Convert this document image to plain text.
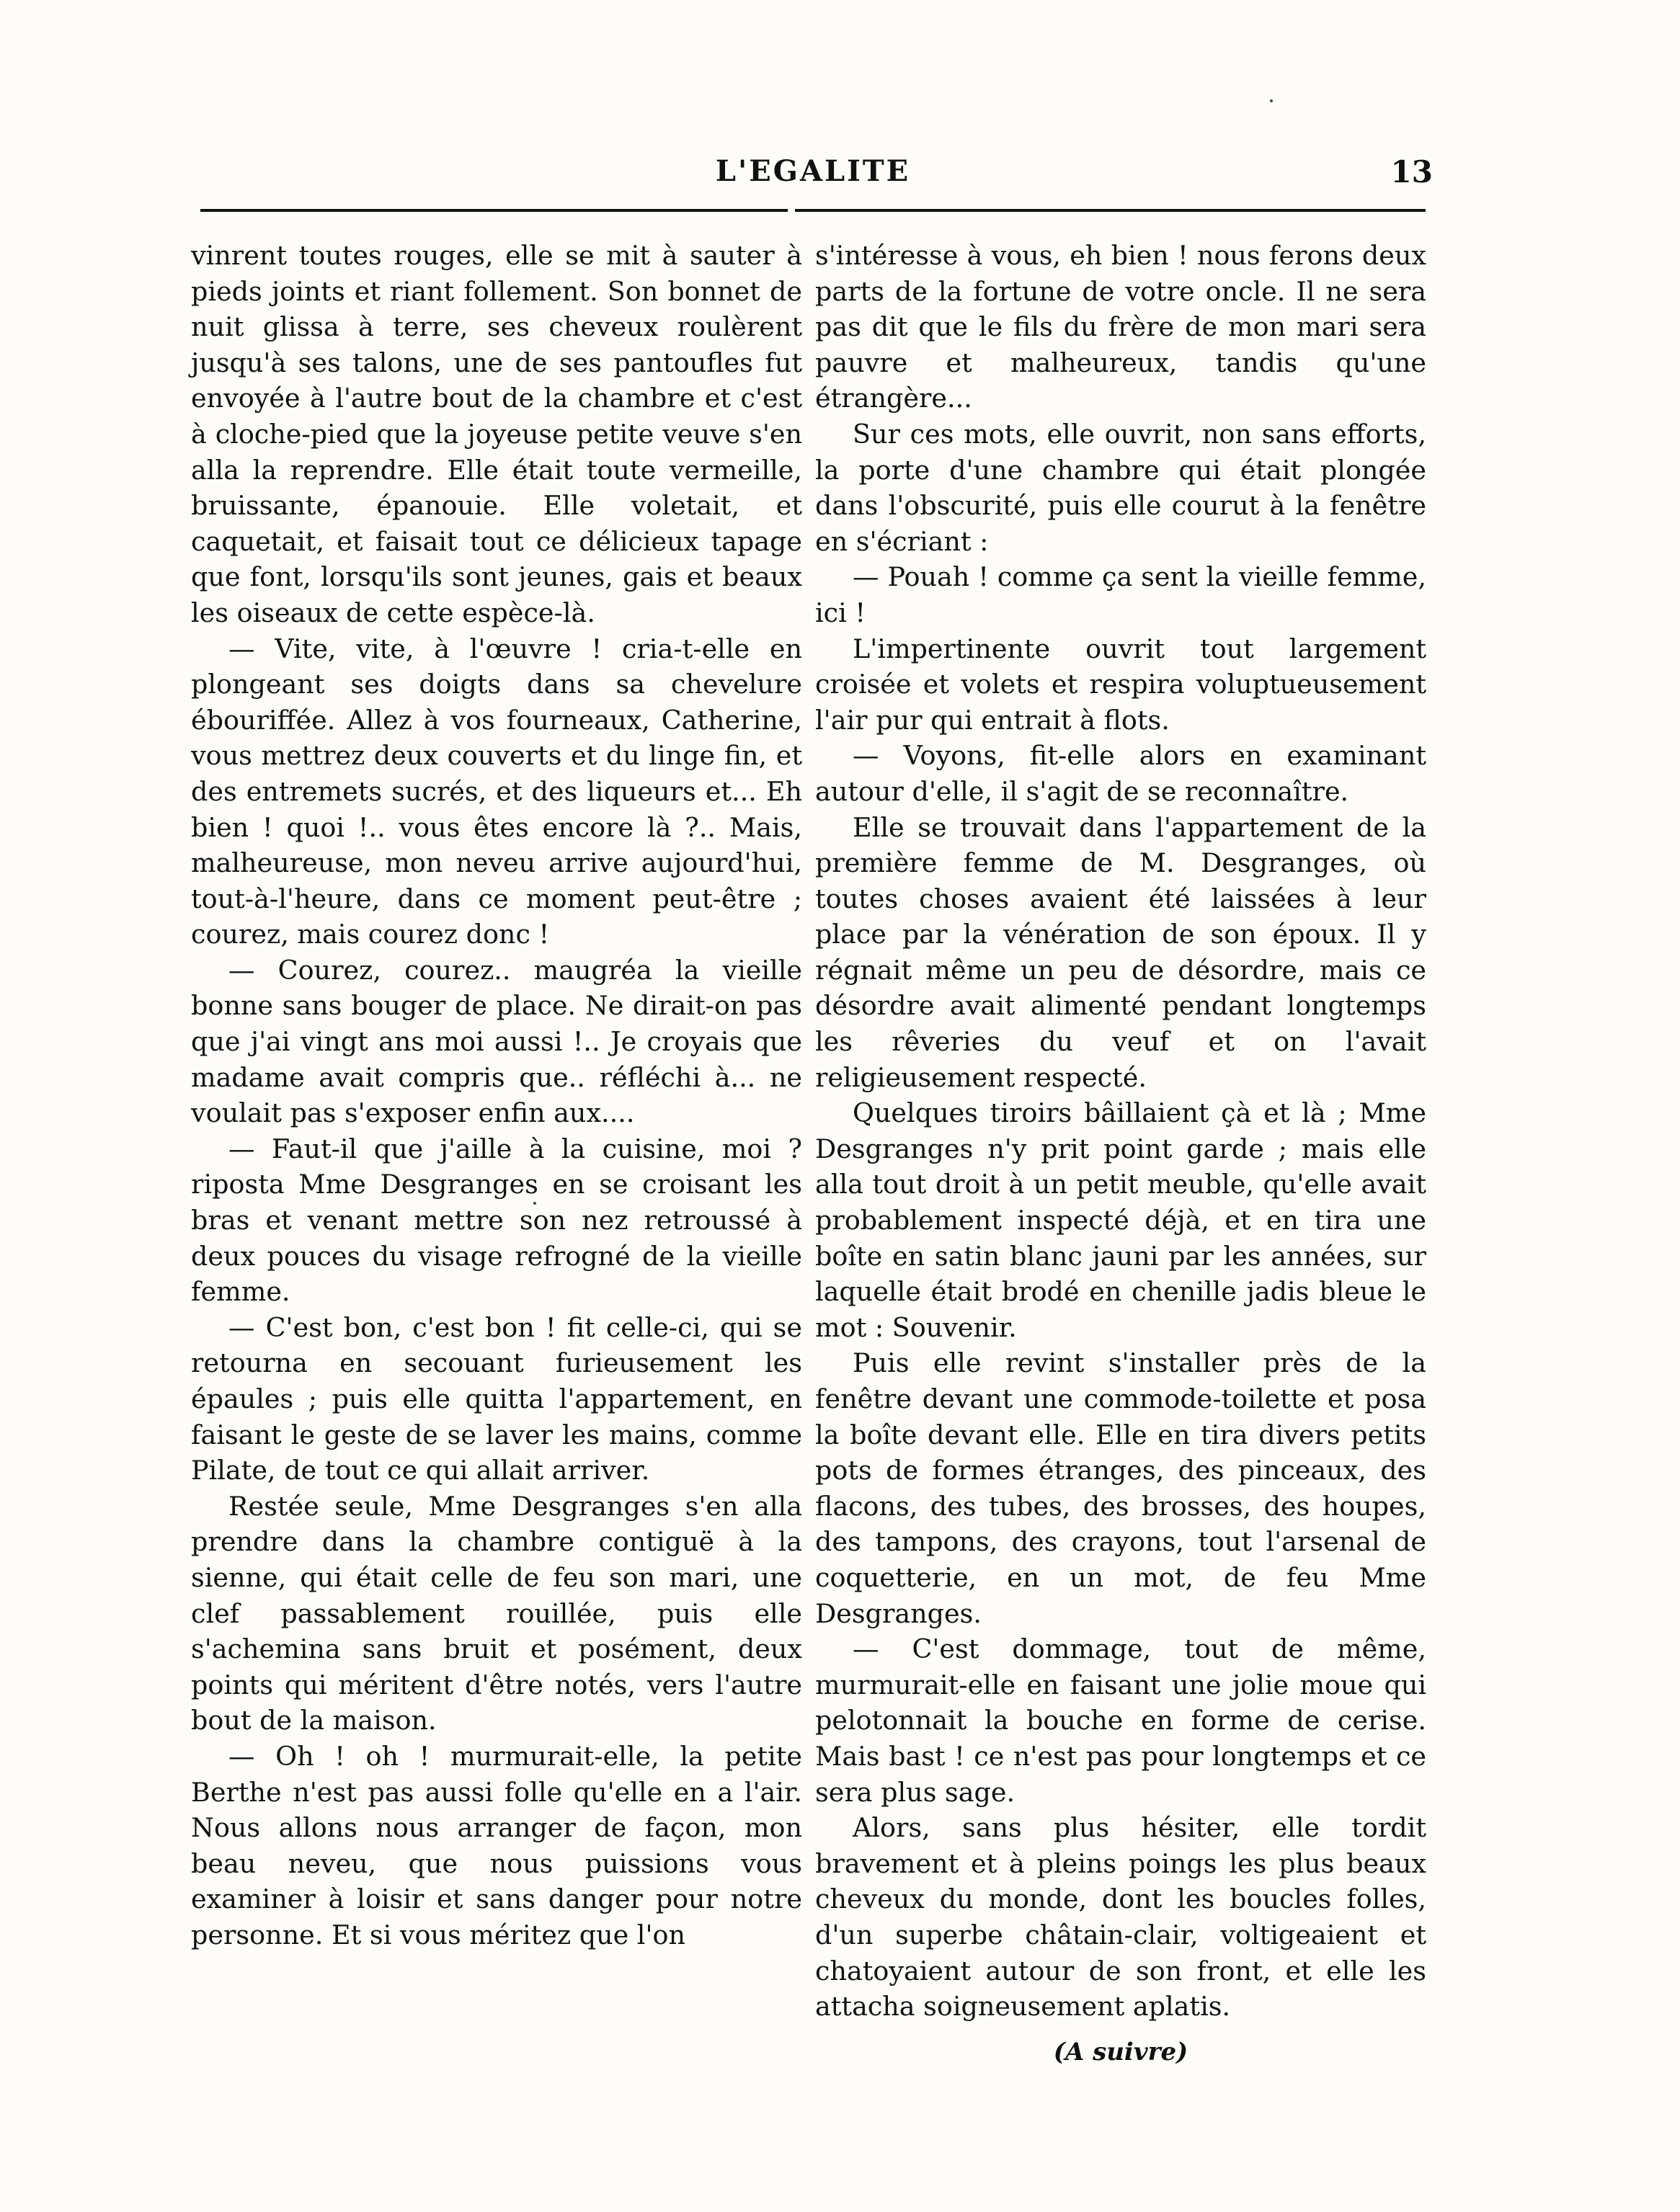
L'EGALITE	13

vinrent toutes rouges, elle se mit à sauter à pieds joints et riant follement. Son bonnet de nuit glissa à terre, ses cheveux roulèrent jusqu'à ses talons, une de ses pantoufles fut envoyée à l'autre bout de la chambre et c'est à cloche-pied que la joyeuse petite veuve s'en alla la reprendre. Elle était toute vermeille, bruissante, épanouie. Elle voletait, et caquetait, et faisait tout ce délicieux tapage que font, lorsqu'ils sont jeunes, gais et beaux les oiseaux de cette espèce-là.

— Vite, vite, à l'œuvre ! cria-t-elle en plongeant ses doigts dans sa chevelure ébouriffée. Allez à vos fourneaux, Catherine, vous mettrez deux couverts et du linge fin, et des entremets sucrés, et des liqueurs et... Eh bien ! quoi !.. vous êtes encore là ?.. Mais, malheureuse, mon neveu arrive aujourd'hui, tout-à-l'heure, dans ce moment peut-être ; courez, mais courez donc !

— Courez, courez.. maugréa la vieille bonne sans bouger de place. Ne dirait-on pas que j'ai vingt ans moi aussi !.. Je croyais que madame avait compris que.. réfléchi à... ne voulait pas s'exposer enfin aux....

— Faut-il que j'aille à la cuisine, moi ? riposta Mme Desgranges en se croisant les bras et venant mettre son nez retroussé à deux pouces du visage refrogné de la vieille femme.

— C'est bon, c'est bon ! fit celle-ci, qui se retourna en secouant furieusement les épaules ; puis elle quitta l'appartement, en faisant le geste de se laver les mains, comme Pilate, de tout ce qui allait arriver.

Restée seule, Mme Desgranges s'en alla prendre dans la chambre contiguë à la sienne, qui était celle de feu son mari, une clef passablement rouillée, puis elle s'achemina sans bruit et posément, deux points qui méritent d'être notés, vers l'autre bout de la maison.

— Oh ! oh ! murmurait-elle, la petite Berthe n'est pas aussi folle qu'elle en a l'air. Nous allons nous arranger de façon, mon beau neveu, que nous puissions vous examiner à loisir et sans danger pour notre personne. Et si vous méritez que l'on

s'intéresse à vous, eh bien ! nous ferons deux parts de la fortune de votre oncle. Il ne sera pas dit que le fils du frère de mon mari sera pauvre et malheureux, tandis qu'une étrangère...

Sur ces mots, elle ouvrit, non sans efforts, la porte d'une chambre qui était plongée dans l'obscurité, puis elle courut à la fenêtre en s'écriant :

— Pouah ! comme ça sent la vieille femme, ici !

L'impertinente ouvrit tout largement croisée et volets et respira voluptueusement l'air pur qui entrait à flots.

— Voyons, fit-elle alors en examinant autour d'elle, il s'agit de se reconnaître.

Elle se trouvait dans l'appartement de la première femme de M. Desgranges, où toutes choses avaient été laissées à leur place par la vénération de son époux. Il y régnait même un peu de désordre, mais ce désordre avait alimenté pendant longtemps les rêveries du veuf et on l'avait religieusement respecté.

Quelques tiroirs bâillaient çà et là ; Mme Desgranges n'y prit point garde ; mais elle alla tout droit à un petit meuble, qu'elle avait probablement inspecté déjà, et en tira une boîte en satin blanc jauni par les années, sur laquelle était brodé en chenille jadis bleue le mot : Souvenir.

Puis elle revint s'installer près de la fenêtre devant une commode-toilette et posa la boîte devant elle. Elle en tira divers petits pots de formes étranges, des pinceaux, des flacons, des tubes, des brosses, des houpes, des tampons, des crayons, tout l'arsenal de coquetterie, en un mot, de feu Mme Desgranges.

— C'est dommage, tout de même, murmurait-elle en faisant une jolie moue qui pelotonnait la bouche en forme de cerise. Mais bast ! ce n'est pas pour longtemps et ce sera plus sage.

Alors, sans plus hésiter, elle tordit bravement et à pleins poings les plus beaux cheveux du monde, dont les boucles folles, d'un superbe châtain-clair, voltigeaient et chatoyaient autour de son front, et elle les attacha soigneusement aplatis.

(A suivre)
